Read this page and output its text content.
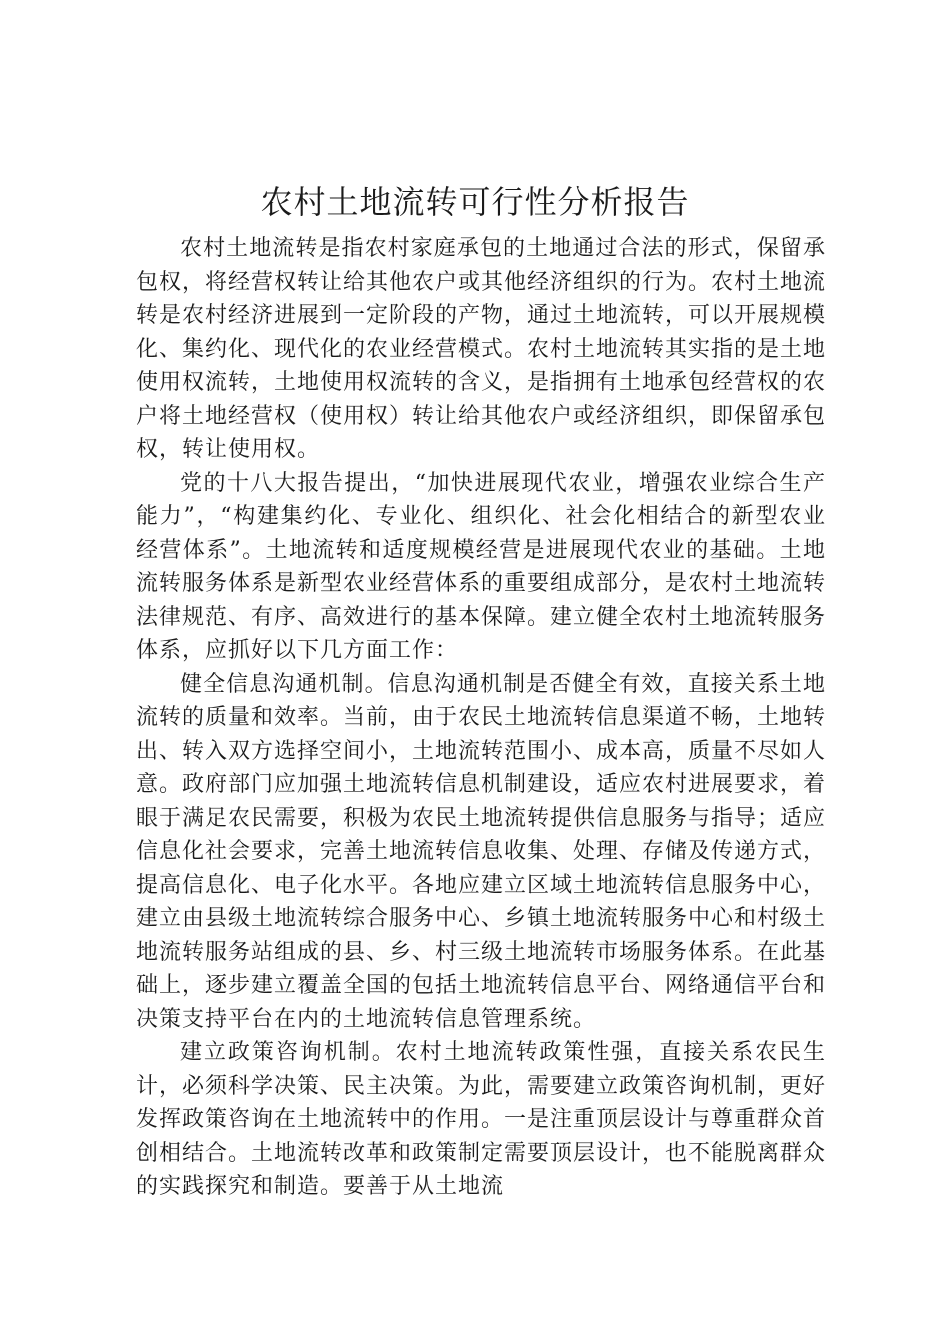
农村土地流转可行性分析报告

农村土地流转是指农村家庭承包的土地通过合法的形式，保留承包权，将经营权转让给其他农户或其他经济组织的行为。农村土地流转是农村经济进展到一定阶段的产物，通过土地流转，可以开展规模化、集约化、现代化的农业经营模式。农村土地流转其实指的是土地使用权流转，土地使用权流转的含义，是指拥有土地承包经营权的农户将土地经营权（使用权）转让给其他农户或经济组织，即保留承包权，转让使用权。

党的十八大报告提出，“加快进展现代农业，增强农业综合生产能力”，“构建集约化、专业化、组织化、社会化相结合的新型农业经营体系”。土地流转和适度规模经营是进展现代农业的基础。土地流转服务体系是新型农业经营体系的重要组成部分，是农村土地流转法律规范、有序、高效进行的基本保障。建立健全农村土地流转服务体系，应抓好以下几方面工作：

健全信息沟通机制。信息沟通机制是否健全有效，直接关系土地流转的质量和效率。当前，由于农民土地流转信息渠道不畅，土地转出、转入双方选择空间小，土地流转范围小、成本高，质量不尽如人意。政府部门应加强土地流转信息机制建设，适应农村进展要求，着眼于满足农民需要，积极为农民土地流转提供信息服务与指导；适应信息化社会要求，完善土地流转信息收集、处理、存储及传递方式，提高信息化、电子化水平。各地应建立区域土地流转信息服务中心，建立由县级土地流转综合服务中心、乡镇土地流转服务中心和村级土地流转服务站组成的县、乡、村三级土地流转市场服务体系。在此基础上，逐步建立覆盖全国的包括土地流转信息平台、网络通信平台和决策支持平台在内的土地流转信息管理系统。

建立政策咨询机制。农村土地流转政策性强，直接关系农民生计，必须科学决策、民主决策。为此，需要建立政策咨询机制，更好发挥政策咨询在土地流转中的作用。一是注重顶层设计与尊重群众首创相结合。土地流转改革和政策制定需要顶层设计，也不能脱离群众的实践探究和制造。要善于从土地流
